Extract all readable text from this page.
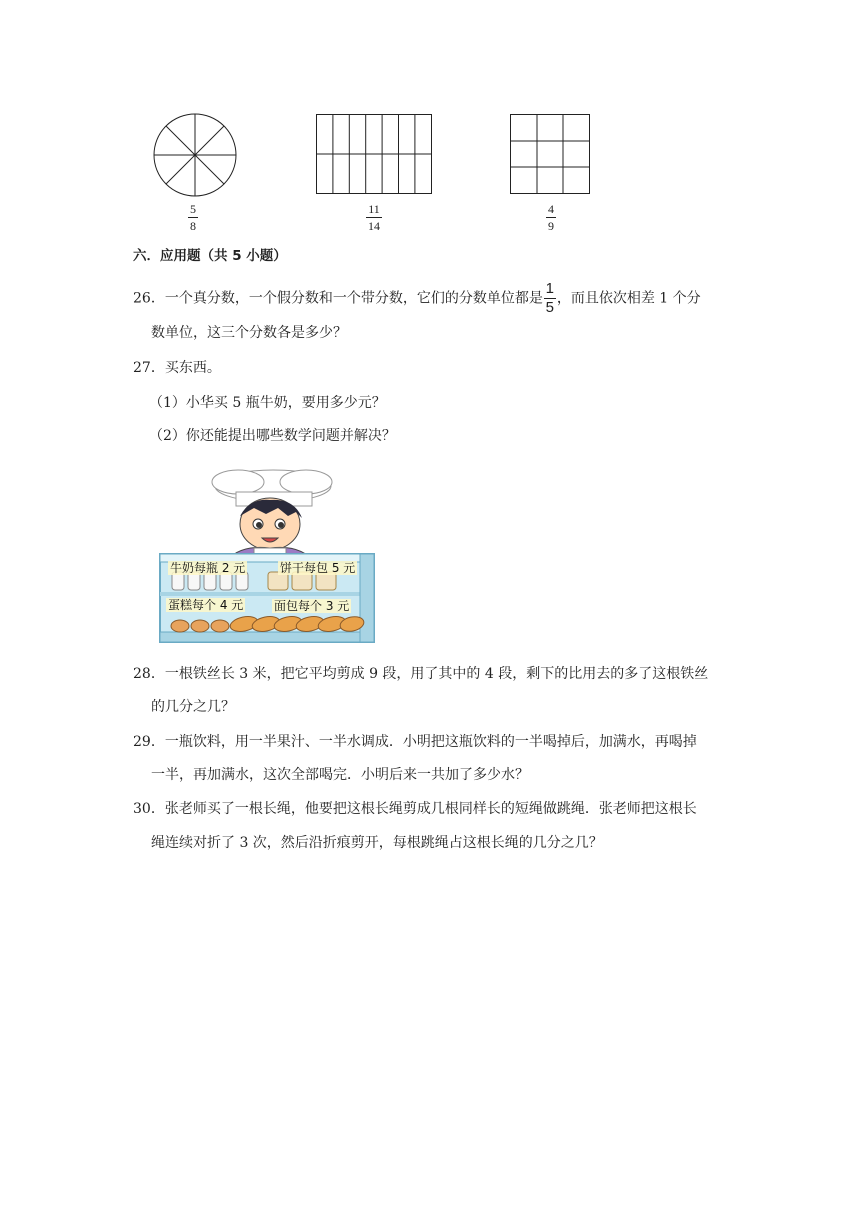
5
8
11
14
4
9
六．应用题（共 5 小题）
26．一个真分数，一个假分数和一个带分数，它们的分数单位都是 $\frac{1}{5}$ ，而且依次相差 1 个分
数单位，这三个分数各是多少？
27．买东西。
（1）小华买 5 瓶牛奶，要用多少元？
（2）你还能提出哪些数学问题并解决？
牛奶每瓶 2 元	饼干每包 5 元
蛋糕每个 4 元	面包每个 3 元
28．一根铁丝长 3 米，把它平均剪成 9 段，用了其中的 4 段，剩下的比用去的多了这根铁丝
的几分之几？
29．一瓶饮料，用一半果汁、一半水调成．小明把这瓶饮料的一半喝掉后，加满水，再喝掉
一半，再加满水，这次全部喝完．小明后来一共加了多少水？
30．张老师买了一根长绳，他要把这根长绳剪成几根同样长的短绳做跳绳．张老师把这根长
绳连续对折了 3 次，然后沿折痕剪开，每根跳绳占这根长绳的几分之几？
